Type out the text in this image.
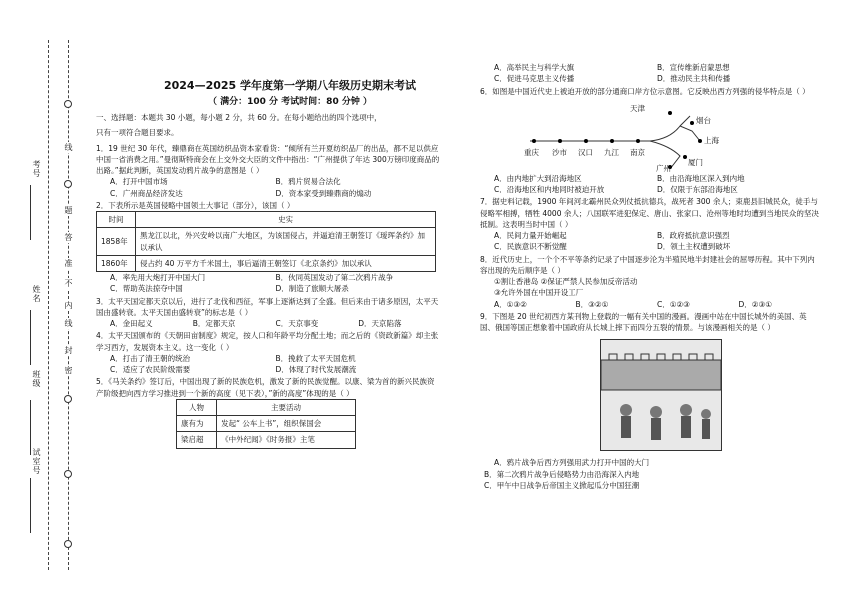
线
题
答
准
不
内
线
封
密
考号
姓名
班级
试室号
2024—2025 学年度第一学期八年级历史期末考试
（ 满分：100 分 考试时间：80 分钟 ）

一、选择题：本题共 30 小题，每小题 2 分，共 60 分。在每小题给出的四个选项中，

只有一项符合题目要求。

1．19 世纪 30 年代，臻鼎商在英国纺织品资本家看货：“倾所有兰开夏纺织品厂的出品，都不足以供应中国一省消费之用。”曼彻斯特商会在上交外交大臣的文件中指出：“广州提供了年达 300万镑印度商品的出路。”据此判断，英国发动鸦片战争的意图是（ ）

A．打开中国市场	B．鸦片贸易合法化
C．广州商品经济发达	D．资本家受到臻鼎商的煽动

2．下表所示是英国侵略中国领土大事记（部分），该国（ ）

时间	史实
1858年	黑龙江以北，外兴安岭以南广大地区，为该国侵占，并逼迫清王朝签订《瑷珲条约》加以承认
1860年	侵占约 40 万平方千米国土，事后逼清王朝签订《北京条约》加以承认
A．率先用大炮打开中国大门	B．伙同英国发动了第二次鸦片战争
C．帮助英法掠夺中国	D．制造了旅顺大屠杀

3．太平天国定都天京以后，进行了北伐和西征，军事上逐渐达到了全盛。但后来由于诸多原因，太平天国由盛转衰。太平天国由盛转衰”的标志是（ ）

A．金田起义	B．定都天京	C．天京事变	D．天京陷落

4．太平天国颁布的《天朝田亩制度》规定，按人口和年龄平均分配土地；而之后的《资政新篇》却主张学习西方，发展资本主义。这一变化（ ）

A．打击了清王朝的统治	B．挽救了太平天国危机
C．适应了农民阶级需要	D．体现了时代发展潮流

5．《马关条约》签订后，中国出现了新的民族危机，激发了新的民族觉醒。以康、梁为首的新兴民族资产阶级把向西方学习推进到一个新的高度（见下表），”新的高度”体现的是（ ）

人物	主要活动
康有为	发起“ 公车上书”，组织保国会
梁启超	《中外纪闻》《时务报》主笔
A．高举民主与科学大旗	B．宣传维新启蒙思想
C．促进马克思主义传播	D．推动民主共和传播

6．如图是中国近代史上被迫开放的部分通商口岸方位示意图。它反映出西方列强的侵华特点是（ ）

天津
烟台
上海
重庆 沙市 汉口 九江 南京
广州
厦门
A．由内地扩大到沿海地区	B．由沿海地区深入到内地
C．沿海地区和内地同时被迫开放	D．仅限于东部沿海地区

7．据史料记载，1900 年间河北霸州民众列仗抵抗德兵，战死者 300 余人；束鹿县旧城民众，徒手与侵略军相搏，牺牲 4000 余人；八国联军进犯保定、唐山、张家口、沧州等地时均遭到当地民众的坚决抵制。这表明当时中国（ ）

A．民间力量开始崛起	B．政府抵抗意识强烈
C．民族意识不断觉醒	D．领土主权遭到破坏

8．近代历史上，一个个不平等条约记录了中国逐步沦为半殖民地半封建社会的屈辱历程。其中下列内容出现的先后顺序是（ ）

①割让香港岛 ②保证严禁人民参加反帝活动

③允许外国在中国开设工厂

A．①③②	B．③②①	C．①②③	D．②③①

9．下图是 20 世纪初西方某刊物上登载的一幅有关中国的漫画。漫画中站在中国长城外的美国、英国、俄国等国正想象着中国政府从长城上摔下而四分五裂的情景。与该漫画相关的是（ ）

A．鸦片战争后西方列强用武力打开中国的大门

B．第二次鸦片战争后侵略势力由沿海深入内地

C．甲午中日战争后帝国主义掀起瓜分中国狂潮
